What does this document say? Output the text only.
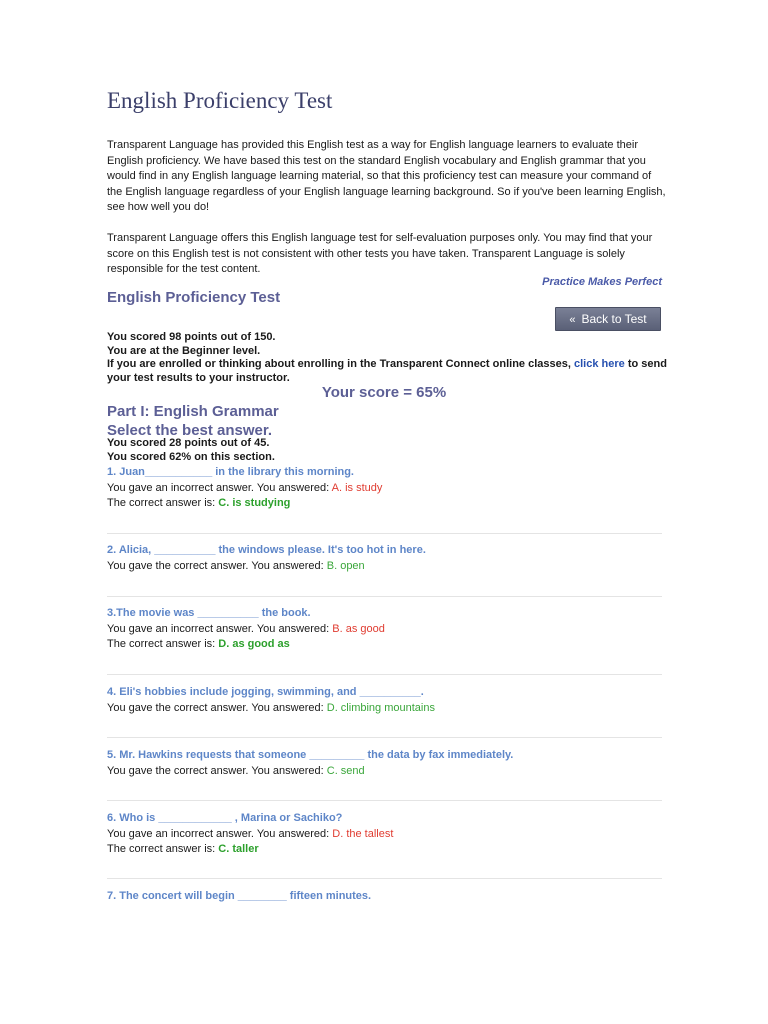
English Proficiency Test

Transparent Language has provided this English test as a way for English language learners to evaluate their English proficiency. We have based this test on the standard English vocabulary and English grammar that you would find in any English language learning material, so that this proficiency test can measure your command of the English language regardless of your English language learning background. So if you've been learning English, see how well you do!

Transparent Language offers this English language test for self-evaluation purposes only. You may find that your score on this English test is not consistent with other tests you have taken. Transparent Language is solely responsible for the test content.

Practice Makes Perfect

English Proficiency Test
« Back to Test
You scored 98 points out of 150.
You are at the Beginner level.
If you are enrolled or thinking about enrolling in the Transparent Connect online classes, click here to send your test results to your instructor.
Your score = 65%
Part I: English Grammar
Select the best answer.
You scored 28 points out of 45.
You scored 62% on this section.
1. Juan___________ in the library this morning.
You gave an incorrect answer. You answered: A. is study
The correct answer is: C. is studying
2. Alicia, __________ the windows please. It's too hot in here.
You gave the correct answer. You answered: B. open
3.The movie was __________ the book.
You gave an incorrect answer. You answered: B. as good
The correct answer is: D. as good as
4. Eli's hobbies include jogging, swimming, and __________.
You gave the correct answer. You answered: D. climbing mountains
5. Mr. Hawkins requests that someone _________ the data by fax immediately.
You gave the correct answer. You answered: C. send
6. Who is ____________ , Marina or Sachiko?
You gave an incorrect answer. You answered: D. the tallest
The correct answer is: C. taller
7. The concert will begin ________ fifteen minutes.
